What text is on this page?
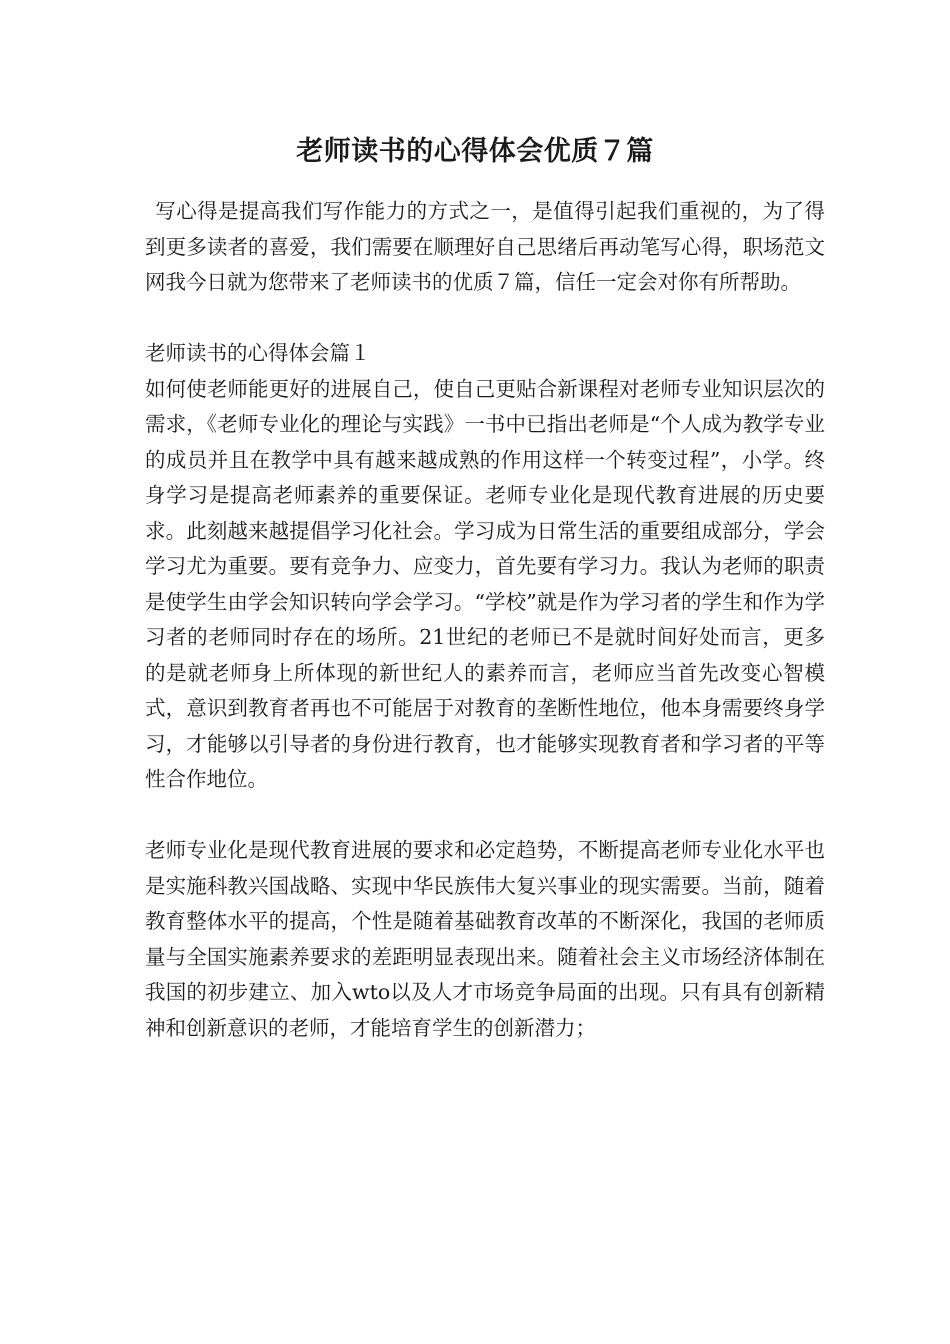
老师读书的心得体会优质７篇

写心得是提高我们写作能力的方式之一，是值得引起我们重视的，为了得到更多读者的喜爱，我们需要在顺理好自己思绪后再动笔写心得，职场范文网我今日就为您带来了老师读书的优质７篇，信任一定会对你有所帮助。

老师读书的心得体会篇１

如何使老师能更好的进展自己，使自己更贴合新课程对老师专业知识层次的需求，《老师专业化的理论与实践》一书中已指出老师是“个人成为教学专业的成员并且在教学中具有越来越成熟的作用这样一个转变过程”，小学。终身学习是提高老师素养的重要保证。老师专业化是现代教育进展的历史要求。此刻越来越提倡学习化社会。学习成为日常生活的重要组成部分，学会学习尤为重要。要有竞争力、应变力，首先要有学习力。我认为老师的职责是使学生由学会知识转向学会学习。“学校”就是作为学习者的学生和作为学习者的老师同时存在的场所。21世纪的老师已不是就时间好处而言，更多的是就老师身上所体现的新世纪人的素养而言，老师应当首先改变心智模式，意识到教育者再也不可能居于对教育的垄断性地位，他本身需要终身学习，才能够以引导者的身份进行教育，也才能够实现教育者和学习者的平等性合作地位。

老师专业化是现代教育进展的要求和必定趋势，不断提高老师专业化水平也是实施科教兴国战略、实现中华民族伟大复兴事业的现实需要。当前，随着教育整体水平的提高，个性是随着基础教育改革的不断深化，我国的老师质量与全国实施素养要求的差距明显表现出来。随着社会主义市场经济体制在我国的初步建立、加入wto以及人才市场竞争局面的出现。只有具有创新精神和创新意识的老师，才能培育学生的创新潜力；
